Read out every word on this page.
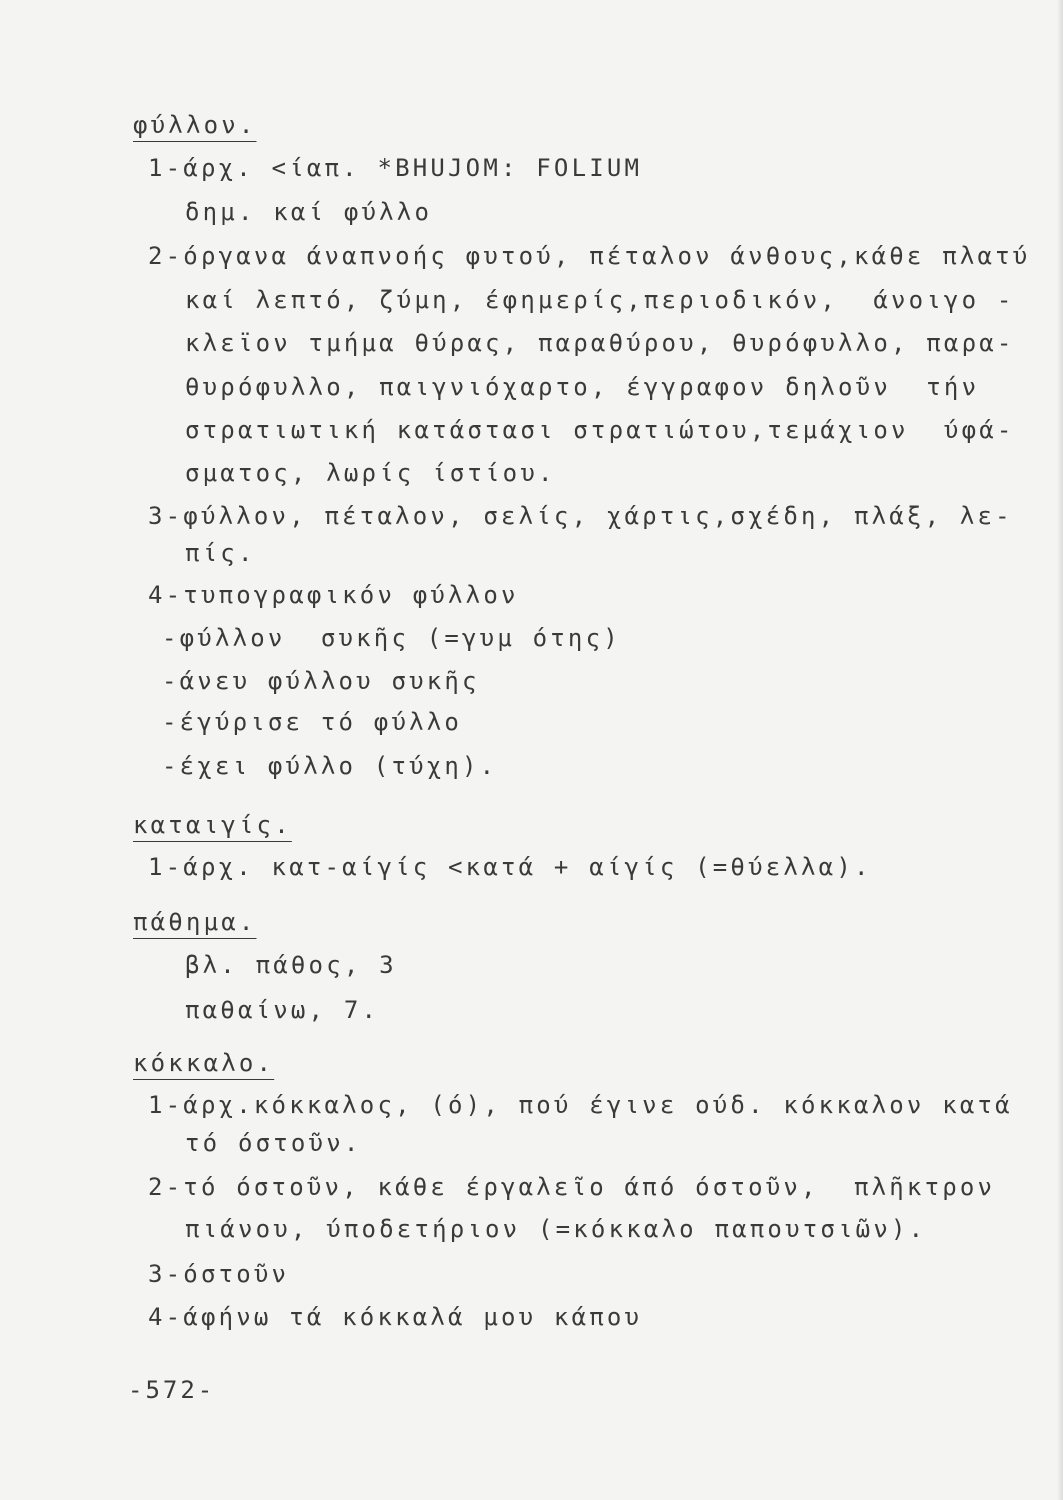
φύλλον.
1-άρχ. <ίαπ. *BHUJOM: FOLIUM
δημ. καί φύλλο
2-όργανα άναπνοής φυτού, πέταλον άνθους,κάθε πλατύ
καί λεπτό, ζύμη, έφημερίς,περιοδικόν,  άνοιγο -
κλεϊον τμήμα θύρας, παραθύρου, θυρόφυλλο, παρα-
θυρόφυλλο, παιγνιόχαρτο, έγγραφον δηλοῦν  τήν
στρατιωτική κατάστασι στρατιώτου,τεμάχιον  ύφά-
σματος, λωρίς ίστίου.
3-φύλλον, πέταλον, σελίς, χάρτις,σχέδη, πλάξ, λε-
πίς.
4-τυπογραφικόν φύλλον
-φύλλον  συκῆς (=γυμ ότης)
-άνευ φύλλου συκῆς
-έγύρισε τό φύλλο
-έχει φύλλο (τύχη).
καταιγίς.
1-άρχ. κατ-αίγίς <κατά + αίγίς (=θύελλα).
πάθημα.
βλ. πάθος, 3
παθαίνω, 7.
κόκκαλο.
1-άρχ.κόκκαλος, (ό), πού έγινε ούδ. κόκκαλον κατά
τό όστοῦν.
2-τό όστοῦν, κάθε έργαλεῖο άπό όστοῦν,  πλῆκτρον
πιάνου, ύποδετήριον (=κόκκαλο παπουτσιῶν).
3-όστοῦν
4-άφήνω τά κόκκαλά μου κάπου
-572-
